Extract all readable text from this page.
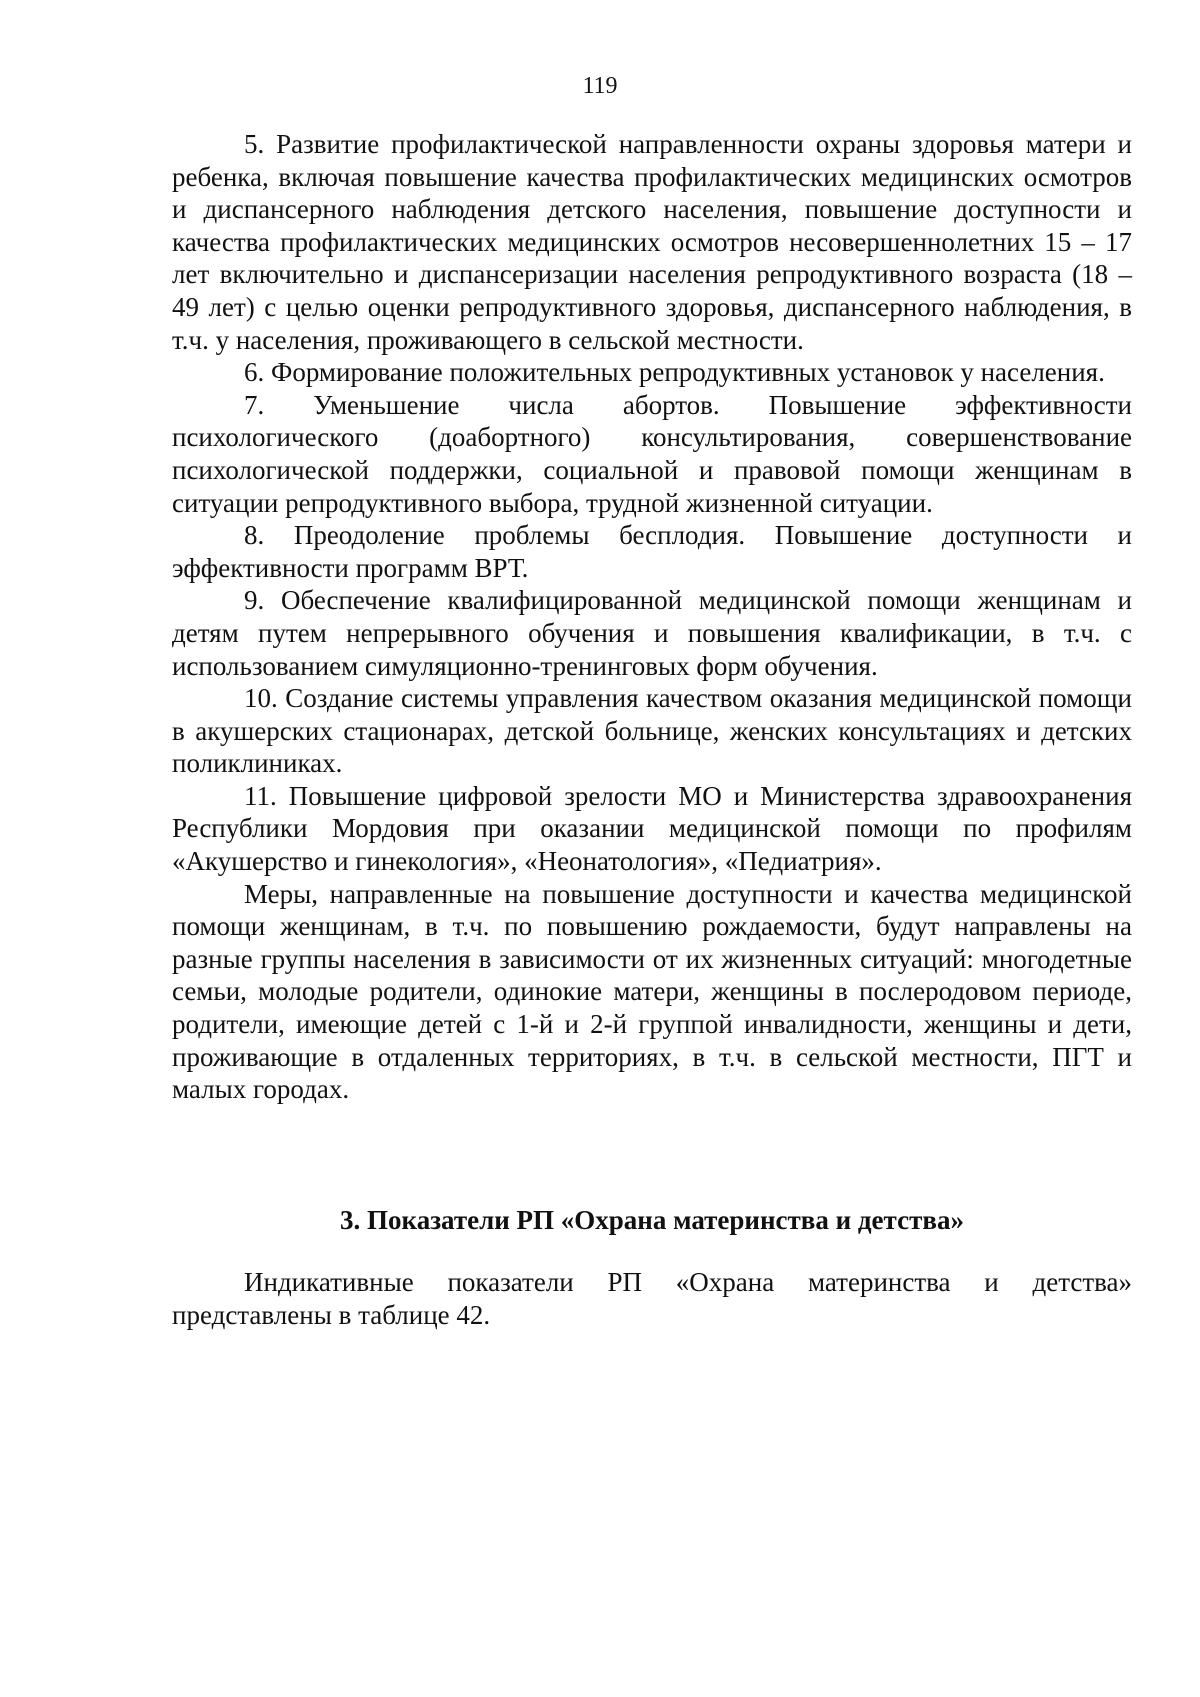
119

5. Развитие профилактической направленности охраны здоровья матери и ребенка, включая повышение качества профилактических медицинских осмотров и диспансерного наблюдения детского населения, повышение доступности и качества профилактических медицинских осмотров несовершеннолетних 15 – 17 лет включительно и диспансеризации населения репродуктивного возраста (18 – 49 лет) с целью оценки репродуктивного здоровья, диспансерного наблюдения, в т.ч. у населения, проживающего в сельской местности.

6. Формирование положительных репродуктивных установок у населения.

7. Уменьшение числа абортов. Повышение эффективности психологического (доабортного) консультирования, совершенствование психологической поддержки, социальной и правовой помощи женщинам в ситуации репродуктивного выбора, трудной жизненной ситуации.

8. Преодоление проблемы бесплодия. Повышение доступности и эффективности программ ВРТ.

9. Обеспечение квалифицированной медицинской помощи женщинам и детям путем непрерывного обучения и повышения квалификации, в т.ч. с использованием симуляционно-тренинговых форм обучения.

10. Создание системы управления качеством оказания медицинской помощи в акушерских стационарах, детской больнице, женских консультациях и детских поликлиниках.

11. Повышение цифровой зрелости МО и Министерства здравоохранения Республики Мордовия при оказании медицинской помощи по профилям «Акушерство и гинекология», «Неонатология», «Педиатрия».

Меры, направленные на повышение доступности и качества медицинской помощи женщинам, в т.ч. по повышению рождаемости, будут направлены на разные группы населения в зависимости от их жизненных ситуаций: многодетные семьи, молодые родители, одинокие матери, женщины в послеродовом периоде, родители, имеющие детей с 1-й и 2-й группой инвалидности, женщины и дети, проживающие в отдаленных территориях, в т.ч. в сельской местности, ПГТ и малых городах.

3. Показатели РП «Охрана материнства и детства»

Индикативные показатели РП «Охрана материнства и детства» представлены в таблице 42.
